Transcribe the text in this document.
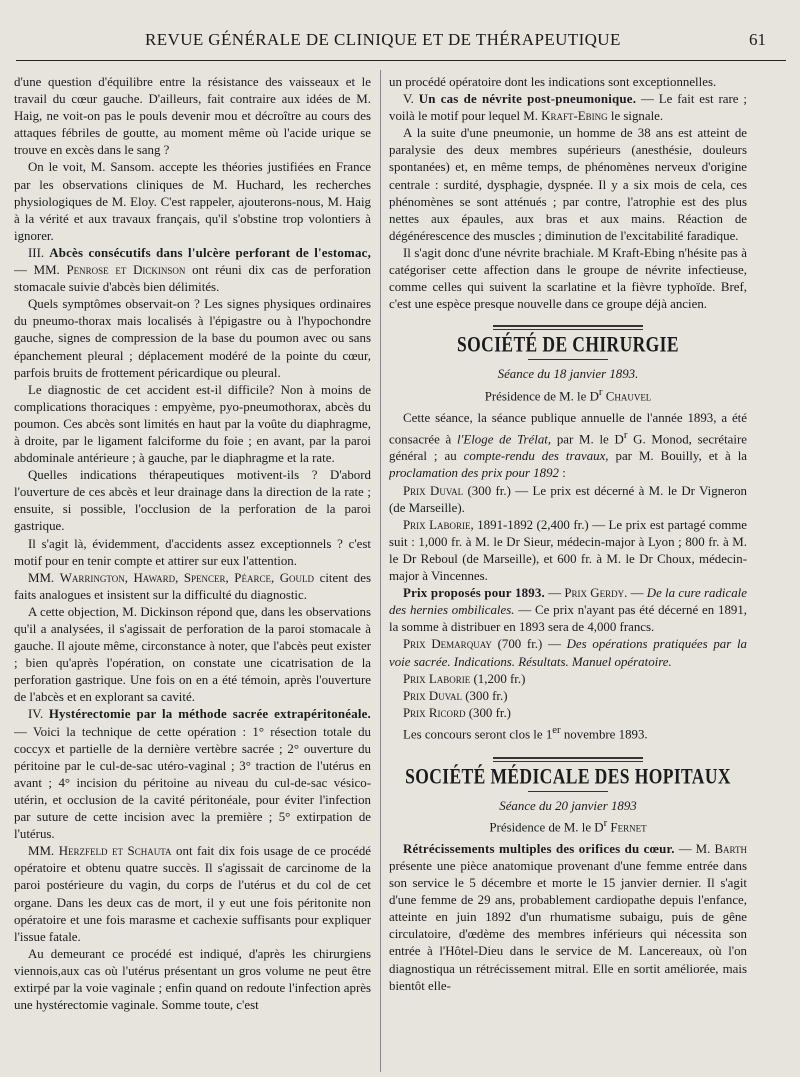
REVUE GÉNÉRALE DE CLINIQUE ET DE THÉRAPEUTIQUE	61

d'une question d'équilibre entre la résistance des vaisseaux et le travail du cœur gauche. D'ailleurs, fait contraire aux idées de M. Haig, ne voit-on pas le pouls devenir mou et décroître au cours des attaques fébriles de goutte, au moment même où l'acide urique se trouve en excès dans le sang ?

On le voit, M. Sansom. accepte les théories justifiées en France par les observations cliniques de M. Huchard, les recherches physiologiques de M. Eloy. C'est rappeler, ajouterons-nous, M. Haig à la vérité et aux travaux français, qu'il s'obstine trop volontiers à ignorer.

III. Abcès consécutifs dans l'ulcère perforant de l'estomac, — MM. Penrose et Dickinson ont réuni dix cas de perforation stomacale suivie d'abcès bien délimités.

Quels symptômes observait-on ? Les signes physiques ordinaires du pneumo-thorax mais localisés à l'épigastre ou à l'hypochondre gauche, signes de compression de la base du poumon avec ou sans épanchement pleural ; déplacement modéré de la pointe du cœur, parfois bruits de frottement péricardique ou pleural.

Le diagnostic de cet accident est-il difficile? Non à moins de complications thoraciques : empyème, pyo-pneumothorax, abcès du poumon. Ces abcès sont limités en haut par la voûte du diaphragme, à droite, par le ligament falciforme du foie ; en avant, par la paroi abdominale antérieure ; à gauche, par le diaphragme et la rate.

Quelles indications thérapeutiques motivent-ils ? D'abord l'ouverture de ces abcès et leur drainage dans la direction de la rate ; ensuite, si possible, l'occlusion de la perforation de la paroi gastrique.

Il s'agit là, évidemment, d'accidents assez exceptionnels ? c'est motif pour en tenir compte et attirer sur eux l'attention.

MM. Warrington, Haward, Spencer, Péarce, Gould citent des faits analogues et insistent sur la difficulté du diagnostic.

A cette objection, M. Dickinson répond que, dans les observations qu'il a analysées, il s'agissait de perforation de la paroi stomacale à gauche. Il ajoute même, circonstance à noter, que l'abcès peut exister ; bien qu'après l'opération, on constate une cicatrisation de la perforation gastrique. Une fois on en a été témoin, après l'ouverture de l'abcès et en explorant sa cavité.

IV. Hystérectomie par la méthode sacrée extrapéritonéale. — Voici la technique de cette opération : 1° résection totale du coccyx et partielle de la dernière vertèbre sacrée ; 2° ouverture du péritoine par le cul-de-sac utéro-vaginal ; 3° traction de l'utérus en avant ; 4° incision du péritoine au niveau du cul-de-sac vésico-utérin, et occlusion de la cavité péritonéale, pour éviter l'infection par suture de cette incision avec la première ; 5° extirpation de l'utérus.

MM. Herzfeld et Schauta ont fait dix fois usage de ce procédé opératoire et obtenu quatre succès. Il s'agissait de carcinome de la paroi postérieure du vagin, du corps de l'utérus et du col de cet organe. Dans les deux cas de mort, il y eut une fois péritonite non opératoire et une fois marasme et cachexie suffisants pour expliquer l'issue fatale.

Au demeurant ce procédé est indiqué, d'après les chirurgiens viennois,aux cas où l'utérus présentant un gros volume ne peut être extirpé par la voie vaginale ; enfin quand on redoute l'infection après une hystérectomie vaginale. Somme toute, c'est

un procédé opératoire dont les indications sont exceptionnelles.

V. Un cas de névrite post-pneumonique. — Le fait est rare ; voilà le motif pour lequel M. Kraft-Ebing le signale.

A la suite d'une pneumonie, un homme de 38 ans est atteint de paralysie des deux membres supérieurs (anesthésie, douleurs spontanées) et, en même temps, de phénomènes nerveux d'origine centrale : surdité, dysphagie, dyspnée. Il y a six mois de cela, ces phénomènes se sont atténués ; par contre, l'atrophie est des plus nettes aux épaules, aux bras et aux mains. Réaction de dégénérescence des muscles ; diminution de l'excitabilité faradique.

Il s'agit donc d'une névrite brachiale. M Kraft-Ebing n'hésite pas à catégoriser cette affection dans le groupe de névrite infectieuse, comme celles qui suivent la scarlatine et la fièvre typhoïde. Bref, c'est une espèce presque nouvelle dans ce groupe déjà ancien.

SOCIÉTÉ DE CHIRURGIE

Séance du 18 janvier 1893.

Présidence de M. le $D^r$ Chauvel

Cette séance, la séance publique annuelle de l'année 1893, a été consacrée à l'Eloge de Trélat, par M. le $D^r$ G. Monod, secrétaire général ; au compte-rendu des travaux, par M. Bouilly, et à la proclamation des prix pour 1892 :

Prix Duval (300 fr.) — Le prix est décerné à M. le Dr Vigneron (de Marseille).

Prix Laborie, 1891-1892 (2,400 fr.) — Le prix est partagé comme suit : 1,000 fr. à M. le Dr Sieur, médecin-major à Lyon ; 800 fr. à M. le Dr Reboul (de Marseille), et 600 fr. à M. le Dr Choux, médecin-major à Vincennes.

Prix proposés pour 1893. — Prix Gerdy. — De la cure radicale des hernies ombilicales. — Ce prix n'ayant pas été décerné en 1891, la somme à distribuer en 1893 sera de 4,000 francs.

Prix Demarquay (700 fr.) — Des opérations pratiquées par la voie sacrée. Indications. Résultats. Manuel opératoire.

Prix Laborie (1,200 fr.)

Prix Duval (300 fr.)

Prix Ricord (300 fr.)

Les concours seront clos le 1er novembre 1893.

SOCIÉTÉ MÉDICALE DES HOPITAUX

Séance du 20 janvier 1893

Présidence de M. le $D^r$ Fernet

Rétrécissements multiples des orifices du cœur. — M. Barth présente une pièce anatomique provenant d'une femme entrée dans son service le 5 décembre et morte le 15 janvier dernier. Il s'agit d'une femme de 29 ans, probablement cardiopathe depuis l'enfance, atteinte en juin 1892 d'un rhumatisme subaigu, puis de gêne circulatoire, d'œdème des membres inférieurs qui nécessita son entrée à l'Hôtel-Dieu dans le service de M. Lancereaux, où l'on diagnostiqua un rétrécissement mitral. Elle en sortit améliorée, mais bientôt elle-
